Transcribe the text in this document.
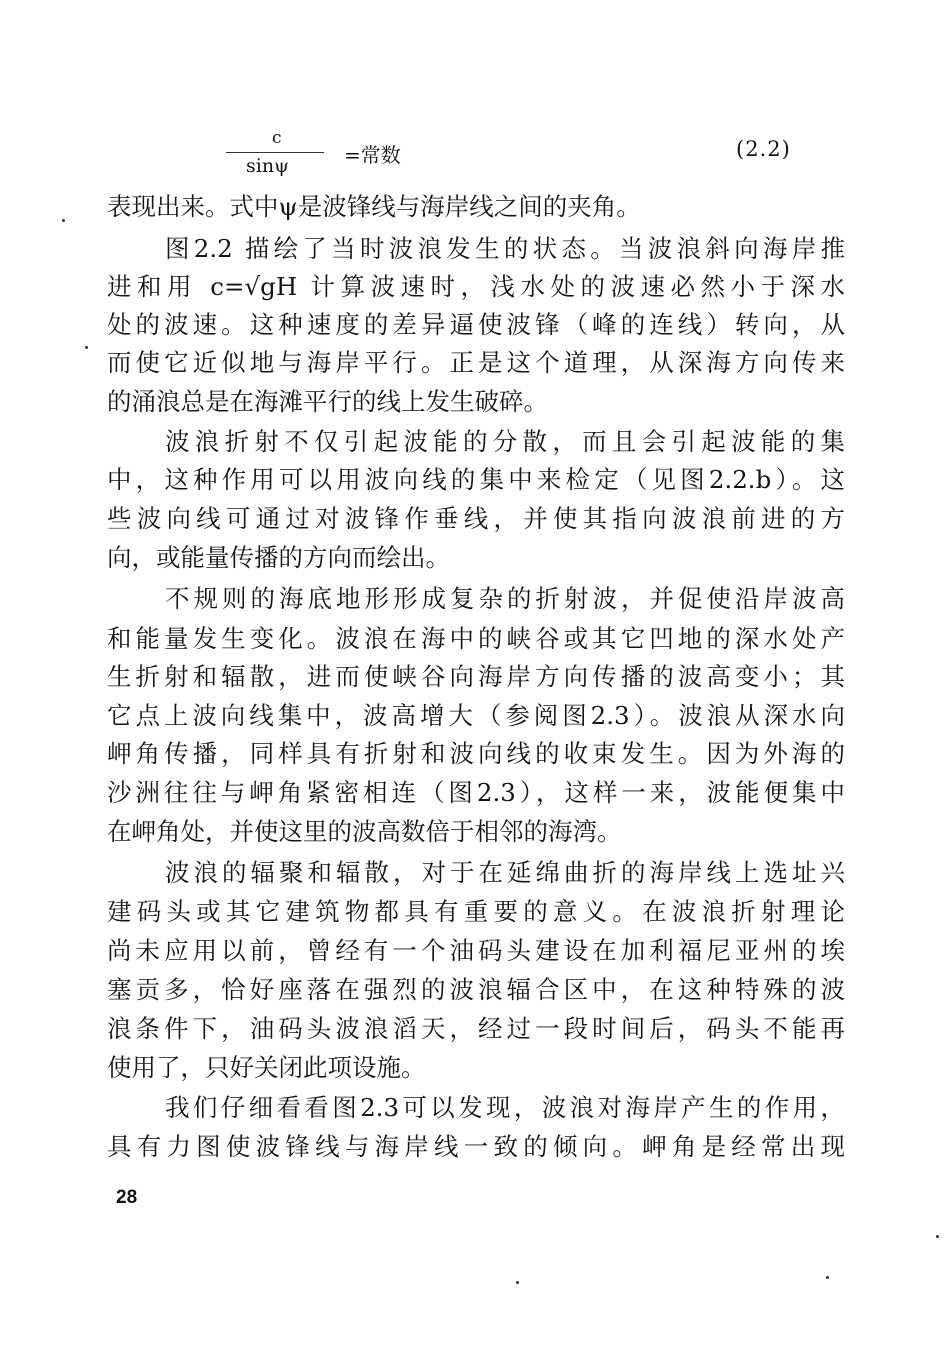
c
sinψ	=常数	(2.2)
表现出来。式中ψ是波锋线与海岸线之间的夹角。
图2.2 描绘了当时波浪发生的状态。当波浪斜向海岸推
进和用 c=√gH 计算波速时，浅水处的波速必然小于深水
处的波速。这种速度的差异逼使波锋（峰的连线）转向，从
而使它近似地与海岸平行。正是这个道理，从深海方向传来
的涌浪总是在海滩平行的线上发生破碎。
波浪折射不仅引起波能的分散，而且会引起波能的集
中，这种作用可以用波向线的集中来检定（见图2.2.b）。这
些波向线可通过对波锋作垂线，并使其指向波浪前进的方
向，或能量传播的方向而绘出。
不规则的海底地形形成复杂的折射波，并促使沿岸波高
和能量发生变化。波浪在海中的峡谷或其它凹地的深水处产
生折射和辐散，进而使峡谷向海岸方向传播的波高变小；其
它点上波向线集中，波高增大（参阅图2.3）。波浪从深水向
岬角传播，同样具有折射和波向线的收束发生。因为外海的
沙洲往往与岬角紧密相连（图2.3），这样一来，波能便集中
在岬角处，并使这里的波高数倍于相邻的海湾。
波浪的辐聚和辐散，对于在延绵曲折的海岸线上选址兴
建码头或其它建筑物都具有重要的意义。在波浪折射理论
尚未应用以前，曾经有一个油码头建设在加利福尼亚州的埃
塞贡多，恰好座落在强烈的波浪辐合区中，在这种特殊的波
浪条件下，油码头波浪滔天，经过一段时间后，码头不能再
使用了，只好关闭此项设施。
我们仔细看看图2.3可以发现，波浪对海岸产生的作用，
具有力图使波锋线与海岸线一致的倾向。岬角是经常出现
28
